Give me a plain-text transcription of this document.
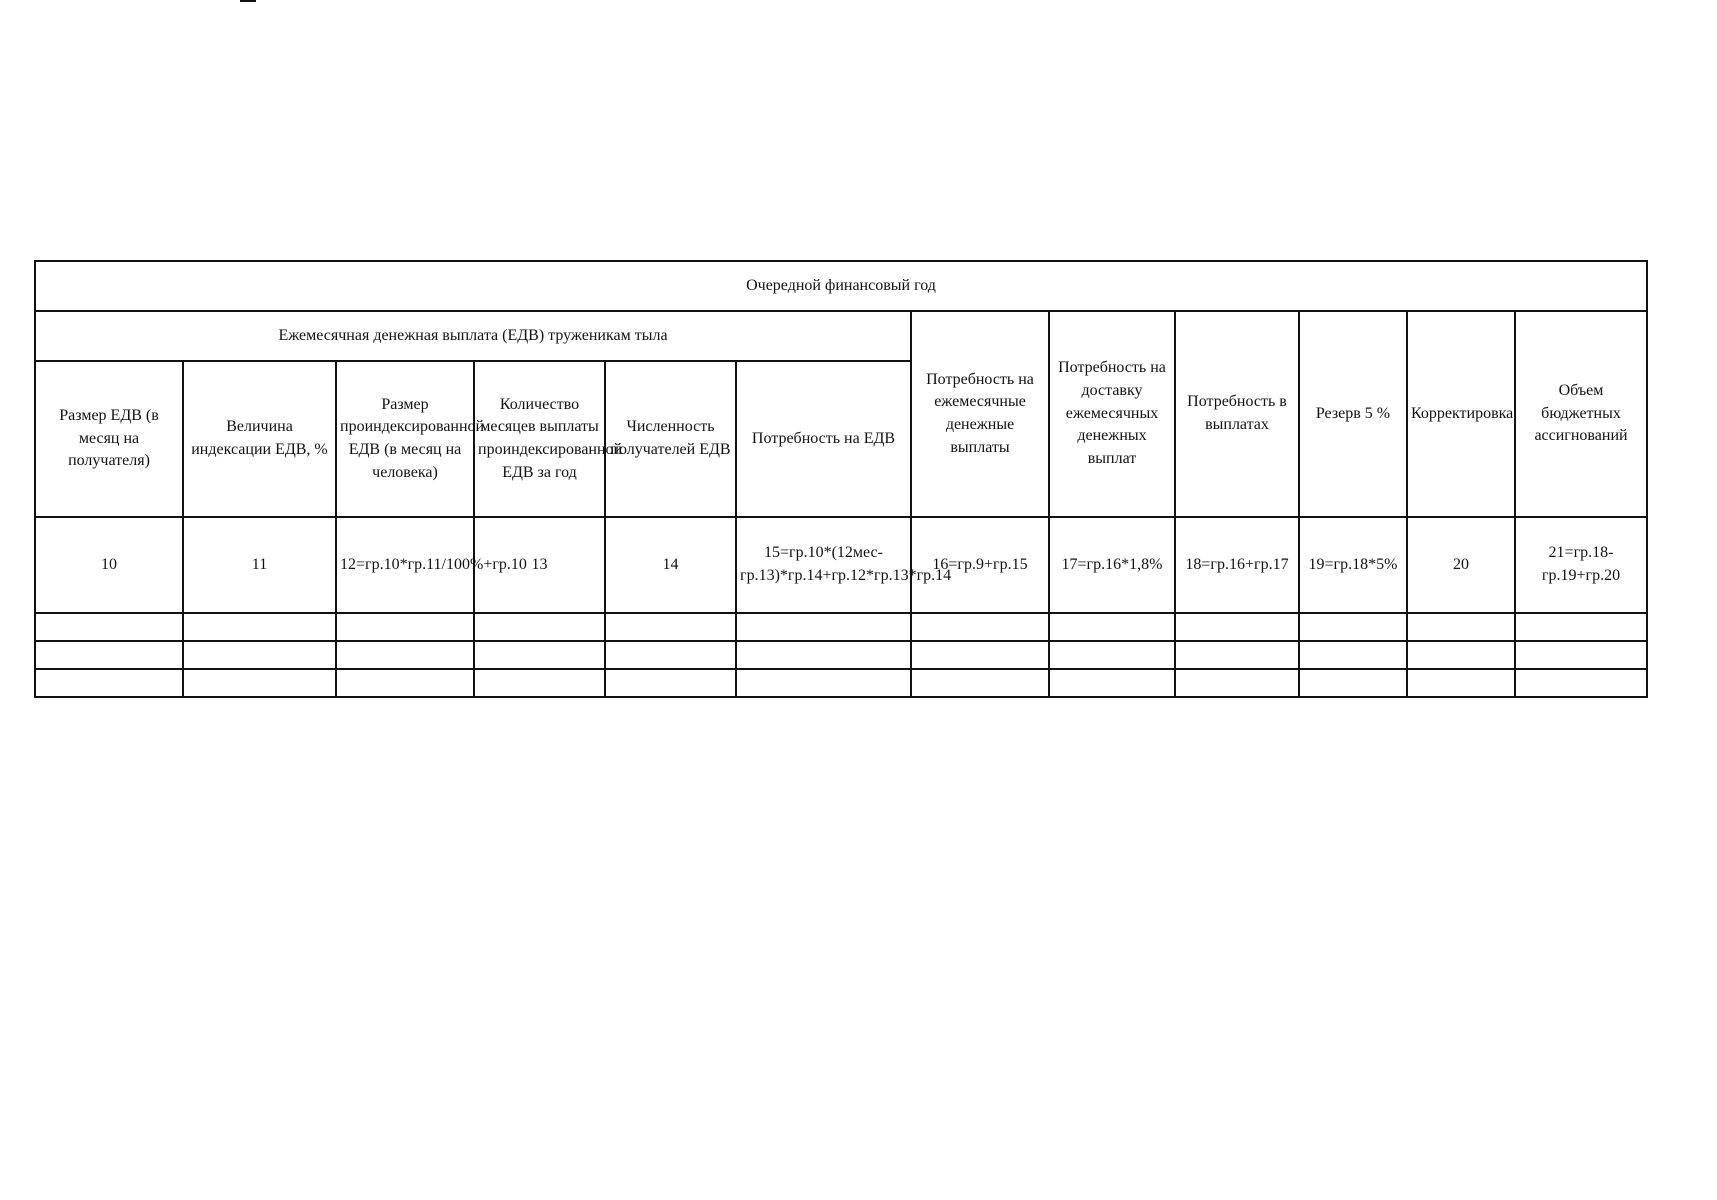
Очередной финансовый год											
Ежемесячная денежная выплата (ЕДВ) труженикам тыла						Потребность на ежемесячные денежные выплаты	Потребность на доставку ежемесячных денежных выплат	Потребность в выплатах	Резерв 5 %	Корректировка	Объем бюджетных ассигнований
Размер ЕДВ (в месяц на получателя)	Величина индексации ЕДВ, %	Размер проиндексированной ЕДВ (в месяц на человека)	Количество месяцев выплаты проиндексированной ЕДВ за год	Численность получателей ЕДВ	Потребность на ЕДВ						
10	11	12=гр.10*гр.11/100%+гр.10	13	14	15=гр.10*(12мес-гр.13)*гр.14+гр.12*гр.13*гр.14	16=гр.9+гр.15	17=гр.16*1,8%	18=гр.16+гр.17	19=гр.18*5%	20	21=гр.18-гр.19+гр.20
